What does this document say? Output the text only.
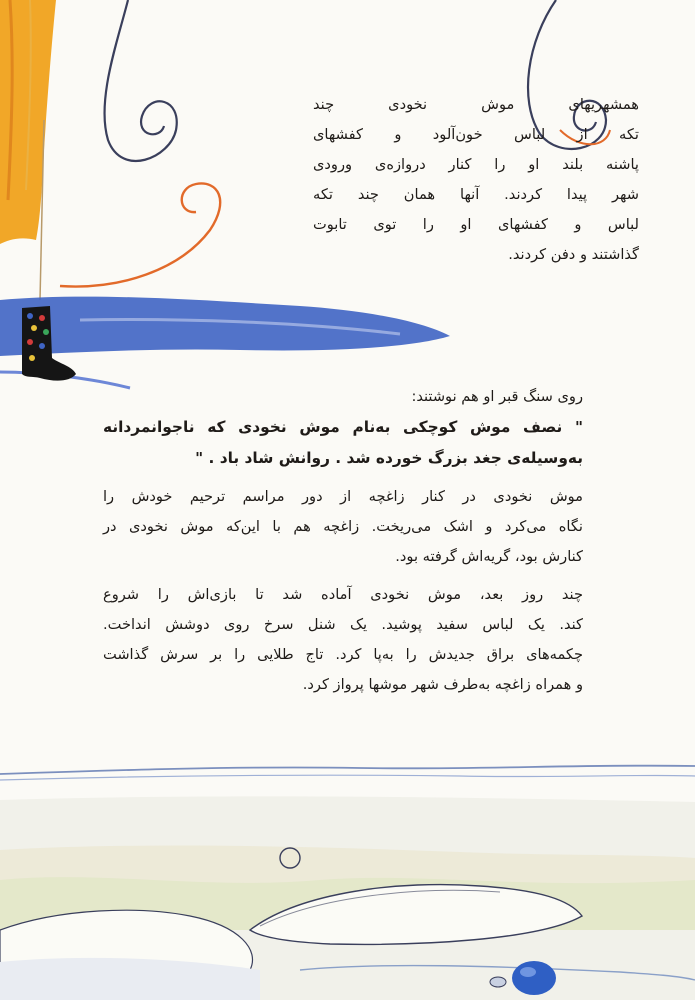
همشهریهای موش نخودی چند
تکه از لباس خون‌آلود و کفشهای
پاشنه بلند او را کنار دروازه‌ی ورودی
شهر پیدا کردند. آنها همان چند تکه
لباس و کفشهای او را توی تابوت
گذاشتند و دفن کردند.
روی سنگ قبر او هم نوشتند:
" نصف موش کوچکی به‌نام موش نخودی که ناجوانمردانه
به‌وسیله‌ی جغد بزرگ خورده شد . روانش شاد باد . "
موش نخودی در کنار زاغچه از دور مراسم ترحیم خودش را
نگاه می‌کرد و اشک می‌ریخت. زاغچه هم با این‌که موش نخودی در
کنارش بود، گریه‌اش گرفته بود.
چند روز بعد، موش نخودی آماده شد تا بازی‌اش را شروع
کند. یک لباس سفید پوشید. یک شنل سرخ روی دوشش انداخت.
چکمه‌های براق جدیدش را به‌پا کرد. تاج طلایی را بر سرش گذاشت
و همراه زاغچه به‌طرف شهر موشها پرواز کرد.
